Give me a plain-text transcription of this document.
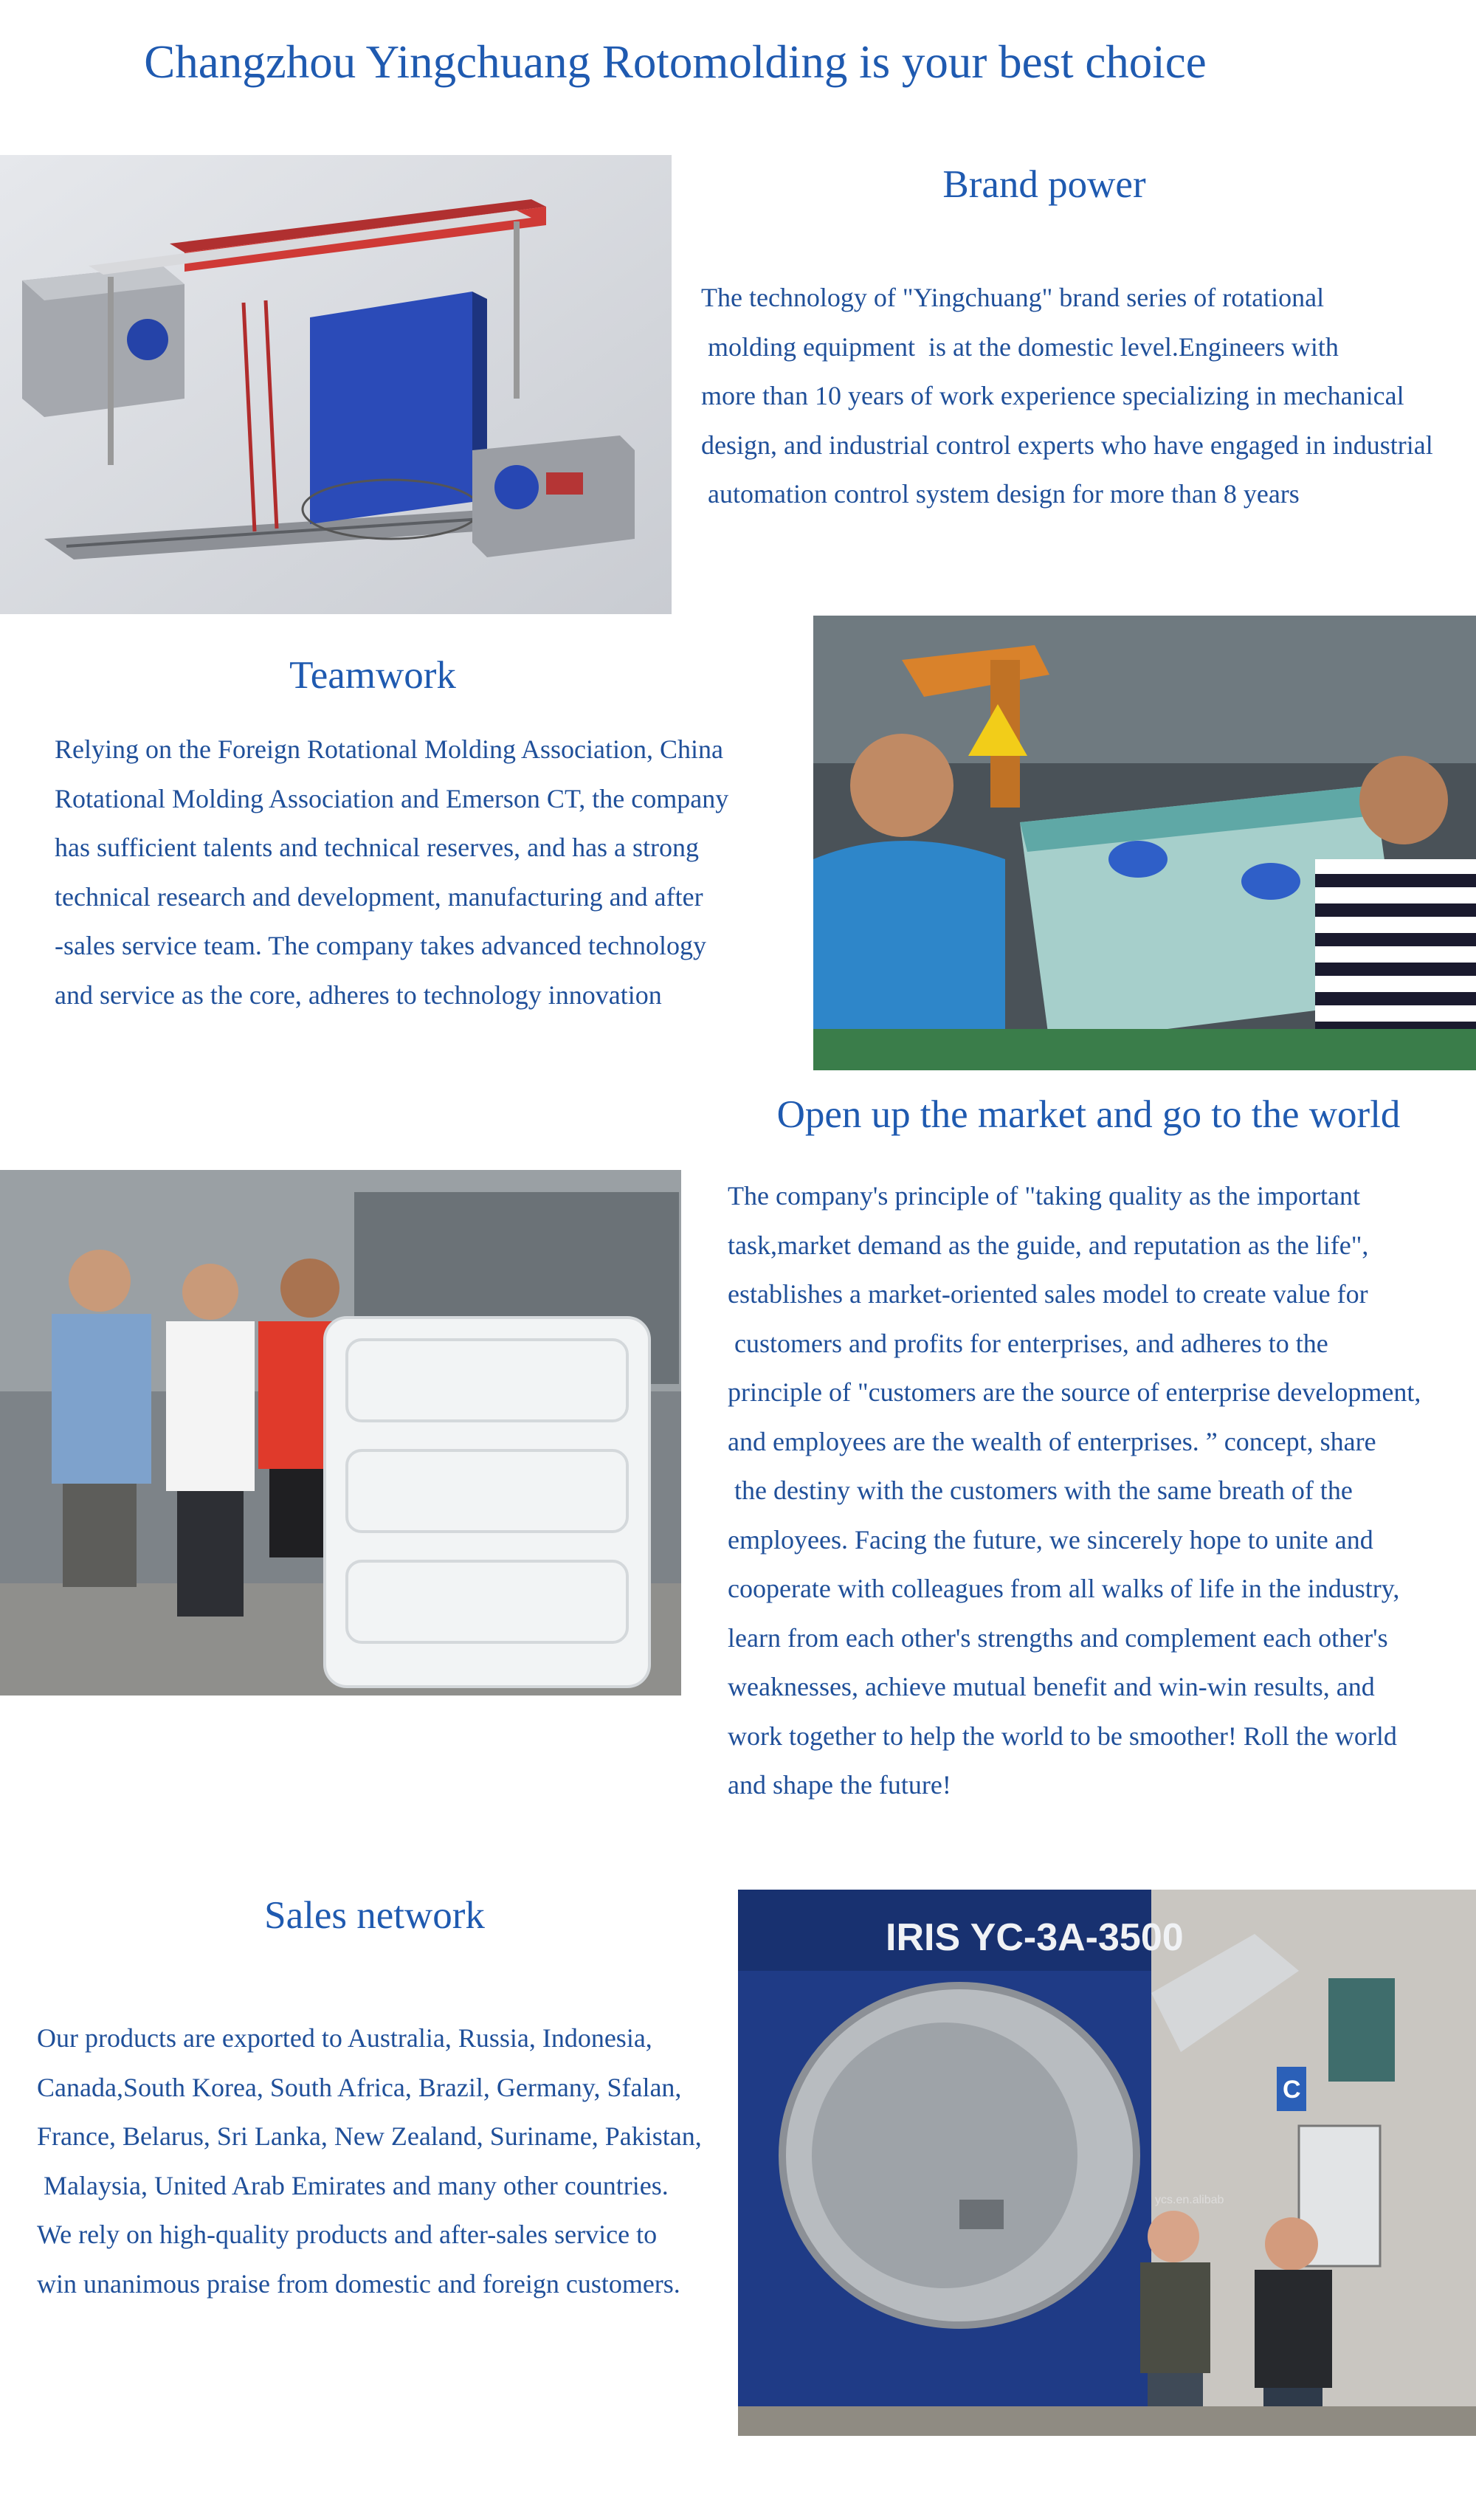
Changzhou Yingchuang Rotomolding is your best choice
Brand power
The technology of "Yingchuang" brand series of rotational
molding equipment  is at the domestic level.Engineers with
more than 10 years of work experience specializing in mechanical
design, and industrial control experts who have engaged in industrial
automation control system design for more than 8 years
Teamwork
Relying on the Foreign Rotational Molding Association, China
Rotational Molding Association and Emerson CT, the company
has sufficient talents and technical reserves, and has a strong
technical research and development, manufacturing and after
-sales service team. The company takes advanced technology
and service as the core, adheres to technology innovation
Open up the market and go to the world
The company's principle of "taking quality as the important
task,market demand as the guide, and reputation as the life",
establishes a market-oriented sales model to create value for
customers and profits for enterprises, and adheres to the
principle of "customers are the source of enterprise development,
and employees are the wealth of enterprises. ” concept, share
the destiny with the customers with the same breath of the
employees. Facing the future, we sincerely hope to unite and
cooperate with colleagues from all walks of life in the industry,
learn from each other's strengths and complement each other's
weaknesses, achieve mutual benefit and win-win results, and
work together to help the world to be smoother! Roll the world
and shape the future!
Sales network
Our products are exported to Australia, Russia, Indonesia,
Canada,South Korea, South Africa, Brazil, Germany, Sfalan,
France, Belarus, Sri Lanka, New Zealand, Suriname, Pakistan,
Malaysia, United Arab Emirates and many other countries.
We rely on high-quality products and after-sales service to
win unanimous praise from domestic and foreign customers.
IRIS YC-3A-3500
C
ycs.en.alibab
